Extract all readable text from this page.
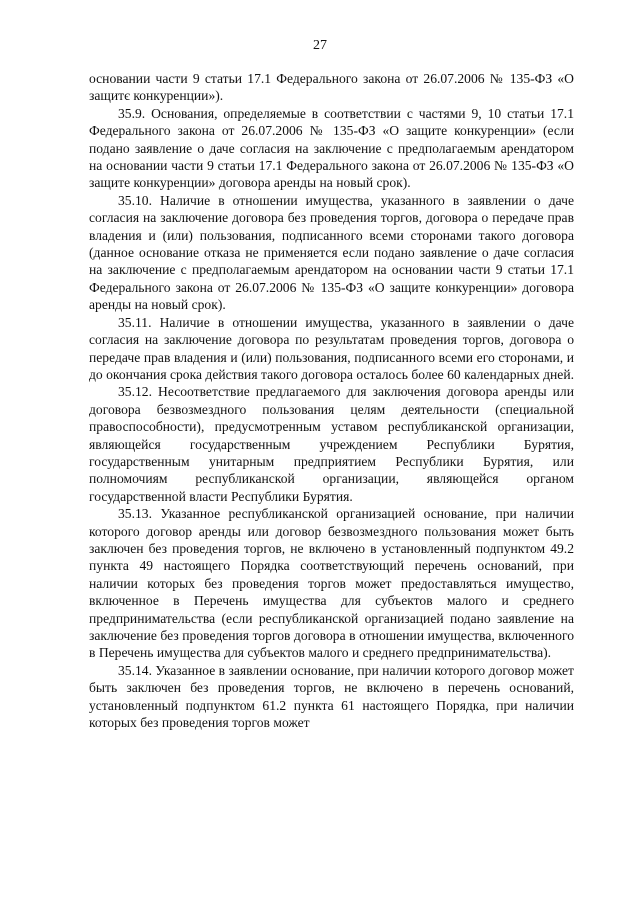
27

основании части 9 статьи 17.1 Федерального закона от 26.07.2006 № 135-ФЗ «О защитє конкуренции»).

35.9. Основания, определяемые в соответствии с частями 9, 10 статьи 17.1 Федерального закона от 26.07.2006 № 135-ФЗ «О защите конкуренции» (если подано заявление о даче согласия на заключение с предполагаемым арендатором на основании части 9 статьи 17.1 Федерального закона от 26.07.2006 № 135-ФЗ «О защите конкуренции» договора аренды на новый срок).

35.10. Наличие в отношении имущества, указанного в заявлении о даче согласия на заключение договора без проведения торгов, договора о передаче прав владения и (или) пользования, подписанного всеми сторонами такого договора (данное основание отказа не применяется если подано заявление о даче согласия на заключение с предполагаемым арендатором на основании части 9 статьи 17.1 Федерального закона от 26.07.2006 № 135-ФЗ «О защите конкуренции» договора аренды на новый срок).

35.11. Наличие в отношении имущества, указанного в заявлении о даче согласия на заключение договора по результатам проведения торгов, договора о передаче прав владения и (или) пользования, подписанного всеми его сторонами, и до окончания срока действия такого договора осталось более 60 календарных дней.

35.12. Несоответствие предлагаемого для заключения договора аренды или договора безвозмездного пользования целям деятельности (специальной правоспособности), предусмотренным уставом республиканской организации, являющейся государственным учреждением Республики Бурятия, государственным унитарным предприятием Республики Бурятия, или полномочиям республиканской организации, являющейся органом государственной власти Республики Бурятия.

35.13. Указанное республиканской организацией основание, при наличии которого договор аренды или договор безвозмездного пользования может быть заключен без проведения торгов, не включено в установленный подпунктом 49.2 пункта 49 настоящего Порядка соответствующий перечень оснований, при наличии которых без проведения торгов может предоставляться имущество, включенное в Перечень имущества для субъектов малого и среднего предпринимательства (если республиканской организацией подано заявление на заключение без проведения торгов договора в отношении имущества, включенного в Перечень имущества для субъектов малого и среднего предпринимательства).

35.14. Указанное в заявлении основание, при наличии которого договор может быть заключен без проведения торгов, не включено в перечень оснований, установленный подпунктом 61.2 пункта 61 настоящего Порядка, при наличии которых без проведения торгов может
